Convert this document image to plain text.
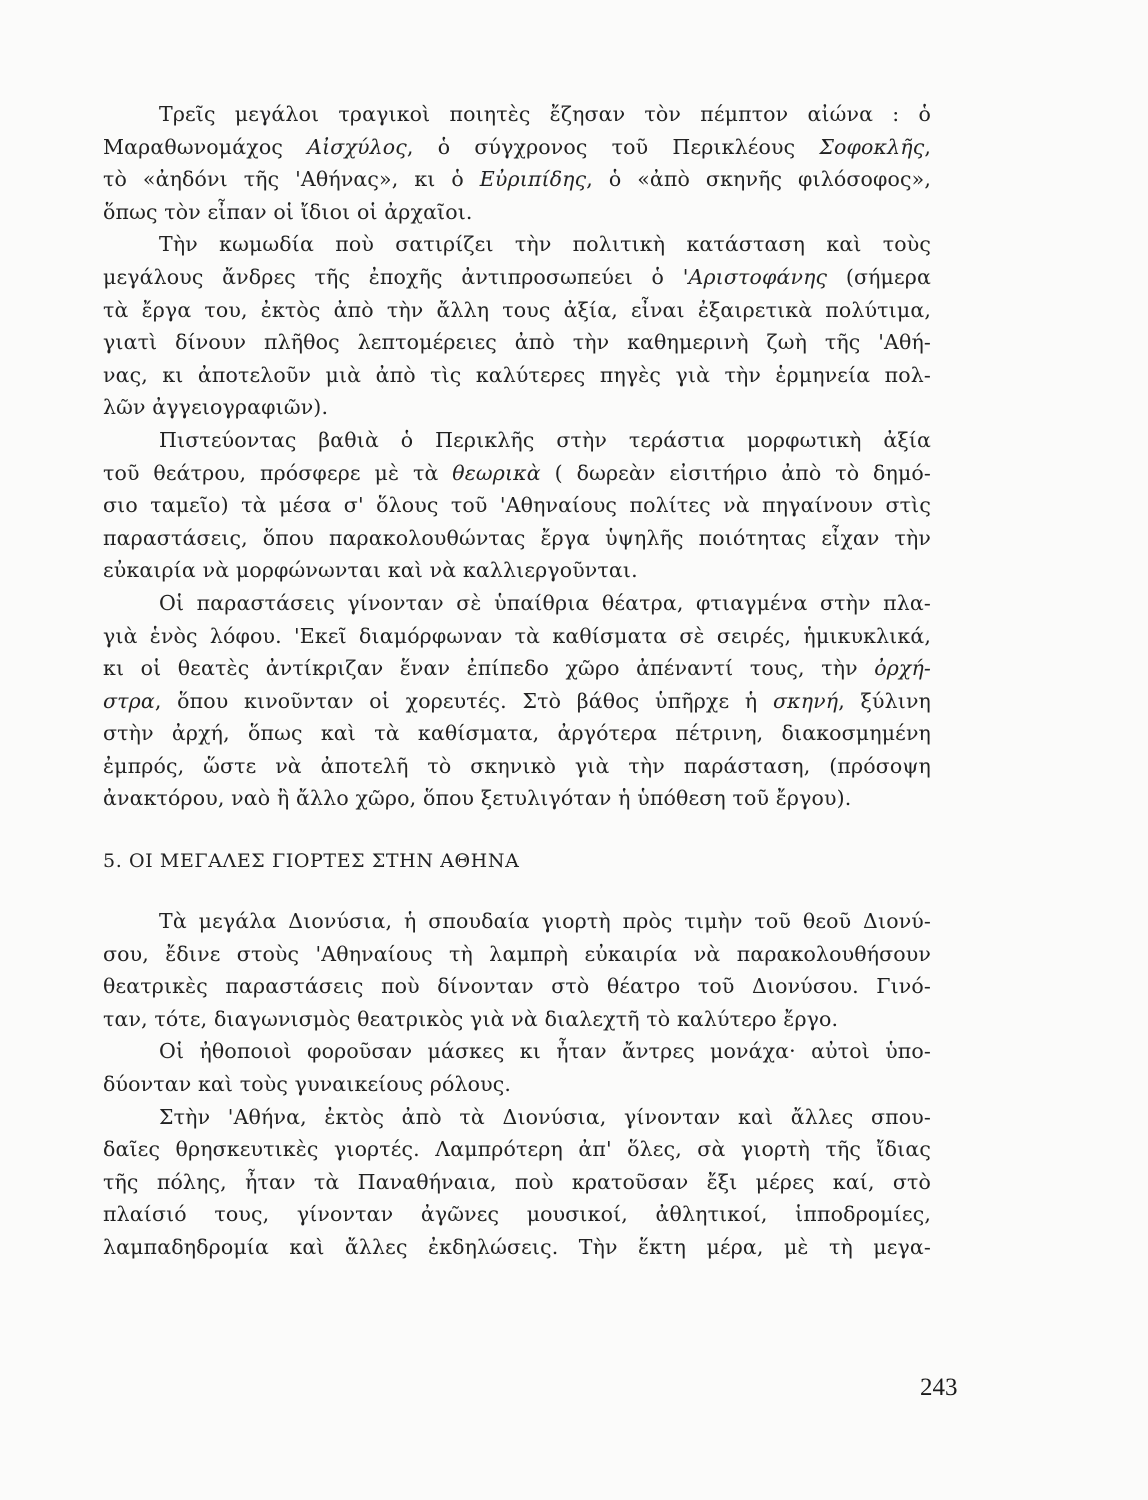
Τρεῖς μεγάλοι τραγικοὶ ποιητὲς ἔζησαν τὸν πέμπτον αἰώνα : ὁ
Μαραθωνομάχος Αἰσχύλος, ὁ σύγχρονος τοῦ Περικλέους Σοφοκλῆς,
τὸ «ἀηδόνι τῆς 'Αθήνας», κι ὁ Εὐριπίδης, ὁ «ἀπὸ σκηνῆς φιλόσοφος»,
ὅπως τὸν εἶπαν οἱ ἴδιοι οἱ ἀρχαῖοι.
Τὴν κωμωδία ποὺ σατιρίζει τὴν πολιτικὴ κατάσταση καὶ τοὺς
μεγάλους ἄνδρες τῆς ἐποχῆς ἀντιπροσωπεύει ὁ 'Αριστοφάνης (σήμερα
τὰ ἔργα του, ἐκτὸς ἀπὸ τὴν ἄλλη τους ἀξία, εἶναι ἐξαιρετικὰ πολύτιμα,
γιατὶ δίνουν πλῆθος λεπτομέρειες ἀπὸ τὴν καθημερινὴ ζωὴ τῆς 'Αθή-
νας, κι ἀποτελοῦν μιὰ ἀπὸ τὶς καλύτερες πηγὲς γιὰ τὴν ἑρμηνεία πολ-
λῶν ἀγγειογραφιῶν).
Πιστεύοντας βαθιὰ ὁ Περικλῆς στὴν τεράστια μορφωτικὴ ἀξία
τοῦ θεάτρου, πρόσφερε μὲ τὰ θεωρικὰ ( δωρεὰν εἰσιτήριο ἀπὸ τὸ δημό-
σιο ταμεῖο) τὰ μέσα σ' ὅλους τοῦ 'Αθηναίους πολίτες νὰ πηγαίνουν στὶς
παραστάσεις, ὅπου παρακολουθώντας ἔργα ὑψηλῆς ποιότητας εἶχαν τὴν
εὐκαιρία νὰ μορφώνωνται καὶ νὰ καλλιεργοῦνται.
Οἱ παραστάσεις γίνονταν σὲ ὑπαίθρια θέατρα, φτιαγμένα στὴν πλα-
γιὰ ἑνὸς λόφου. 'Εκεῖ διαμόρφωναν τὰ καθίσματα σὲ σειρές, ἡμικυκλικά,
κι οἱ θεατὲς ἀντίκριζαν ἕναν ἐπίπεδο χῶρο ἀπέναντί τους, τὴν ὀρχή-
στρα, ὅπου κινοῦνταν οἱ χορευτές. Στὸ βάθος ὑπῆρχε ἡ σκηνή, ξύλινη
στὴν ἀρχή, ὅπως καὶ τὰ καθίσματα, ἀργότερα πέτρινη, διακοσμημένη
ἐμπρός, ὥστε νὰ ἀποτελῆ τὸ σκηνικὸ γιὰ τὴν παράσταση, (πρόσοψη
ἀνακτόρου, ναὸ ἢ ἄλλο χῶρο, ὅπου ξετυλιγόταν ἡ ὑπόθεση τοῦ ἔργου).
5. ΟΙ ΜΕΓΑΛΕΣ ΓΙΟΡΤΕΣ ΣΤΗΝ ΑΘΗΝΑ
Τὰ μεγάλα Διονύσια, ἡ σπουδαία γιορτὴ πρὸς τιμὴν τοῦ θεοῦ Διονύ-
σου, ἔδινε στοὺς 'Αθηναίους τὴ λαμπρὴ εὐκαιρία νὰ παρακολουθήσουν
θεατρικὲς παραστάσεις ποὺ δίνονταν στὸ θέατρο τοῦ Διονύσου. Γινό-
ταν, τότε, διαγωνισμὸς θεατρικὸς γιὰ νὰ διαλεχτῆ τὸ καλύτερο ἔργο.
Οἱ ἠθοποιοὶ φοροῦσαν μάσκες κι ἦταν ἄντρες μονάχα· αὐτοὶ ὑπο-
δύονταν καὶ τοὺς γυναικείους ρόλους.
Στὴν 'Αθήνα, ἐκτὸς ἀπὸ τὰ Διονύσια, γίνονταν καὶ ἄλλες σπου-
δαῖες θρησκευτικὲς γιορτές. Λαμπρότερη ἀπ' ὅλες, σὰ γιορτὴ τῆς ἴδιας
τῆς πόλης, ἦταν τὰ Παναθήναια, ποὺ κρατοῦσαν ἔξι μέρες καί, στὸ
πλαίσιό τους, γίνονταν ἀγῶνες μουσικοί, ἀθλητικοί, ἱπποδρομίες,
λαμπαδηδρομία καὶ ἄλλες ἐκδηλώσεις. Τὴν ἕκτη μέρα, μὲ τὴ μεγα-
243
